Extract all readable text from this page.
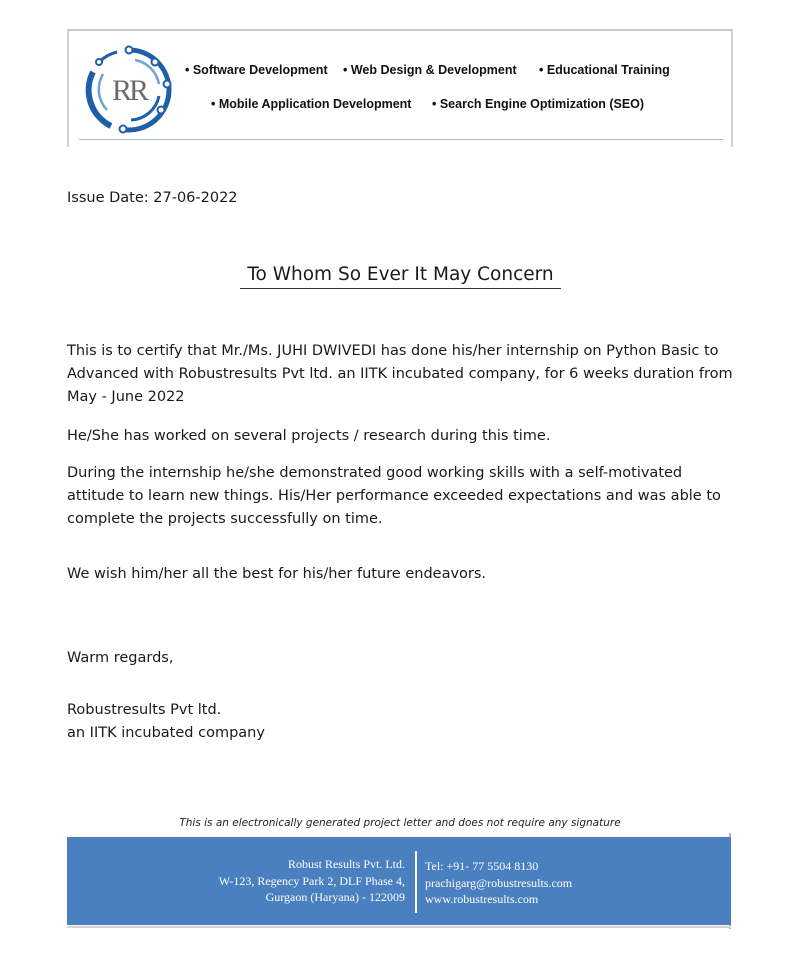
RR
• Software Development • Web Design & Development • Educational Training
• Mobile Application Development • Search Engine Optimization (SEO)
Issue Date: 27-06-2022
To Whom So Ever It May Concern
This is to certify that Mr./Ms. JUHI DWIVEDI has done his/her internship on Python Basic to Advanced with Robustresults Pvt ltd. an IITK incubated company, for 6 weeks duration from May - June 2022
He/She has worked on several projects / research during this time.
During the internship he/she demonstrated good working skills with a self-motivated attitude to learn new things. His/Her performance exceeded expectations and was able to complete the projects successfully on time.
We wish him/her all the best for his/her future endeavors.
Warm regards,
Robustresults Pvt ltd.
an IITK incubated company
This is an electronically generated project letter and does not require any signature
Robust Results Pvt. Ltd.
W-123, Regency Park 2, DLF Phase 4,
Gurgaon (Haryana) - 122009
Tel: +91- 77 5504 8130
prachigarg@robustresults.com
www.robustresults.com
